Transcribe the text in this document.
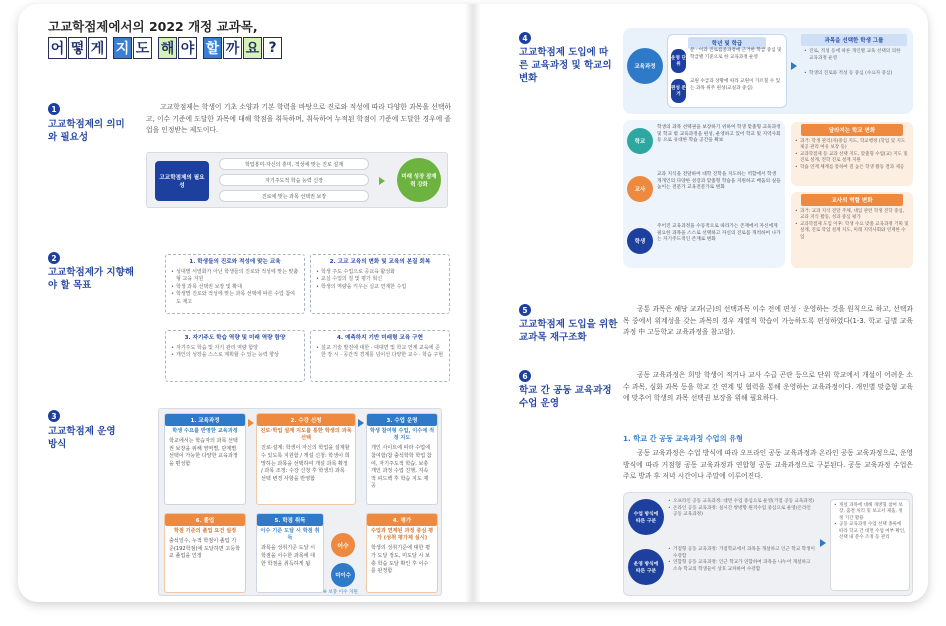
고교학점제에서의 2022 개정 교과목,
어 떻 게 지 도 해 야 할 까 요 ?
1
고교학점제의 의미와 필요성
고교학점제는 학생이 기초 소양과 기본 학력을 바탕으로 진로와 적성에 따라 다양한 과목을 선택하고, 이수 기준에 도달한 과목에 대해 학점을 취득하며, 취득하여 누적된 학점이 기준에 도달한 경우에 졸업을 인정받는 제도이다.
고교학점제의 필요성
학업흥미·자신의 흥미, 적성에 맞는 진로 설계
자기주도적 학습 능력 신장
진로에 맞는 과목 선택권 보장
미래 성장 잠재력 강화
2
고교학점제가 지향해야 할 목표
1. 학생들의 진로와 적성에 맞는 교육
• 성대별 서열화가 아닌 학생들의 진로와 적성에 맞는 맞춤형 교육 지원
• 학생 과목 선택권 보장 및 확대
• 학생별 진로와 적성에 맞는 과목 선택에 따른 수업 참여도 제고
2. 고교 교육의 변화 및 교육의 본질 회복
• 학생 주도 수업으로 공교육 활성화
• 교실 수업의 질 및 평가 혁신
• 학생의 역량을 키우는 실교 연계한 수업
3. 자기주도 학습 역량 및 미래 역량 함양
• 자기주도 학습 및 자기 관리 역량 함양
• 개인의 성장을 스스로 계획할 수 있는 능력 향상
4. 예측하지 기반 미래형 교육 구현
• 설교 기술 발전에 대한 · 대대면 및 학교 연계 교육에 준한 장 시 · 공간적 경계를 넘어선 다양한 교수 · 학습 구현
3
고교학점제 운영 방식
1. 교육과정
학생 수요를 반영한 교육과정
학교에서는 학습자의 과목 선택권 보장을 위해 영역별, 단계별 선택이 가능한 다양한 교육과정을 편성함
2. 수강 신청
진로·학업 설계 지도를 통한 학생의 과목 선택
진로·설계: 학생이 자신의 학업을 설계할 수 있도록 지원함 / 개설 신청: 학생이 희망하는 과목을 선택하여 개설 과목 확정 / 과목 조정: 수강 신청 후 학생의 과목 선택 변경 사항을 반영함
3. 수업 운영
학생 참여형 수업, 이수에 적정 지도
개인 사이트에 따라 수업에 참여함/참 출석학학 학업 참여, 자기주도적 학습, 보충 개인 과정 수업 진행, 지속적 피드백 후 학습 지도 제공
6. 졸업
학점 기준의 졸업 요건 설정
출석일수, 누적 학점이 졸업 기준(192학점)에 도달하면 고등학교 졸업을 인정
5. 학점 취득
이수 기준 도달 시 학점 취득
과목을 성취기준 도달 시 학점을 이수한 과목에 대한 학점을 취득하게 됨
이수
미이수
※ 보충 이수 지원
4. 평가
수업과 연계된 과정 중심 평가 (성취 평가제 실시)
학생의 성취기준에 대한 평가 도달 정도, 미도달 시 보충 학습 도달 확인 후 이수를 판정함
4
고교학점제 도입에 따른 교육과정 및 학교의 변화
교육과정
학년 및 학급
운영 단위
문 · 이과 진로집중과정에 근거한 학급 중심 및 학급별 기준으로 한 교육과정 운영
편성 준거
교원 수급과 상황에 따라 교원이 가르칠 수 있는 과목 위주 편성(교실과 중심)
과목을 선택한 학생 그룹
• 진로, 적성 등에 따른 개인별 교육 선택의 의한 교육과정 운영
• 학생의 진로와 적성 등 중심 (수요자 중심)
학교
학생의 과목 선택권을 보장하기 위하여 학생 맞춤형 교육과정 및 학교 밖 교육과정을 편성, 운영하고 있어 학교 및 지역사회 등 으로 유대한 학습 공간을 확보
교사
교과 지식을 전달하여 대학 진학을 지도하는 역할에서 학생 개개인의 다양한 성장과 맞춤형 학습을 지원하고 배움의 실을 높이는 전문가 교육전문가로 변화
학생
주어진 교육과정을 수동적으로 따라가는 존재에서 자신에게 필요한 과목을 스스로 선택하고 자신의 진로를 개척하여 나가는 자기주도적인 존재로 변화
달라지는 학교 변화
• 과거: 학생 관리(자)중심 지도, 학교행정 (학업 및 지도 제공 관리 여유 보장 등)
• 교과학점제 등 교과 선택 지도, 맞춤형 수업(교) 지도 및 진로 설계, 진학 진로 설계 지원
• 학습 연계 체계를 통하여 질 높은 학생 활동 결과 제공
교사의 역할 변화
• 과거: 교과 지식 전달 주체, 대입 관련 학생 진학 중심, 교과 지식 활동, 성과 중심 평가
• 교과학점제 도입 이후: 학생 수요 맞춤 교육과정 기획 및 설계, 진로 학업 설계 지도, 미래 지역사회와 연계한 수업
5
고교학점제 도입을 위한 교과목 재구조화
공통 과목은 해당 교과(군)의 선택과목 이수 전에 편성 · 운영하는 것을 원칙으로 하고, 선택과목 중에서 위계성을 갖는 과목의 경우 계열적 학습이 가능하도록 편성하였다(1-3. 학교 급별 교육과정 中 고등학교 교육과정을 참고함).
6
학교 간 공동 교육과정 수업 운영
공동 교육과정은 희망 학생이 적거나 교사 수급 곤란 등으로 단위 학교에서 개설이 어려운 소수 과목, 심화 과목 등을 학교 간 연계 및 협력을 통해 운영하는 교육과정이다. 개인별 맞춤형 교육에 맞추어 학생의 과목 선택권 보장을 위해 필요하다.
1. 학교 간 공동 교육과정 수업의 유형
공동 교육과정은 수업 방식에 따라 오프라인 공동 교육과정과 온라인 공동 교육과정으로, 운영 방식에 따라 거점형 공동 교육과정과 연합형 공동 교육과정으로 구분된다. 공동 교육과정 수업은 주로 방과 후 저녁 시간이나 주말에 이루어진다.
수업 방식에 따른 구분
• 오프라인 공동 교육과정: 대면 수업 중심으로 운영(거점 공동 교육과정)
• 온라인 공동 교육과정: 실시간 쌍방향 원격수업 중심으로 운영(온라인 공동 교육과정)
운영 방식에 따른 구분
• 거점형 공동 교육과정: 거점학교에서 과목을 개설하고 인근 학교 학생이 수강함
• 연합형 공동 교육과정: 인근 학교가 연합하여 과목을 나누어 개설하고 소속 학교의 학생들이 상호 교차하여 수강함
• 개설 과목에 대해 개방형 참여 보장, 출결 처리 및 보고서 제출, 정정 기간 활용
• 공동 교육과정 수업 선택 종류에 따라 학교 간 대면 수업 여부 확인, 선택 내 분수 조정 등 관리
